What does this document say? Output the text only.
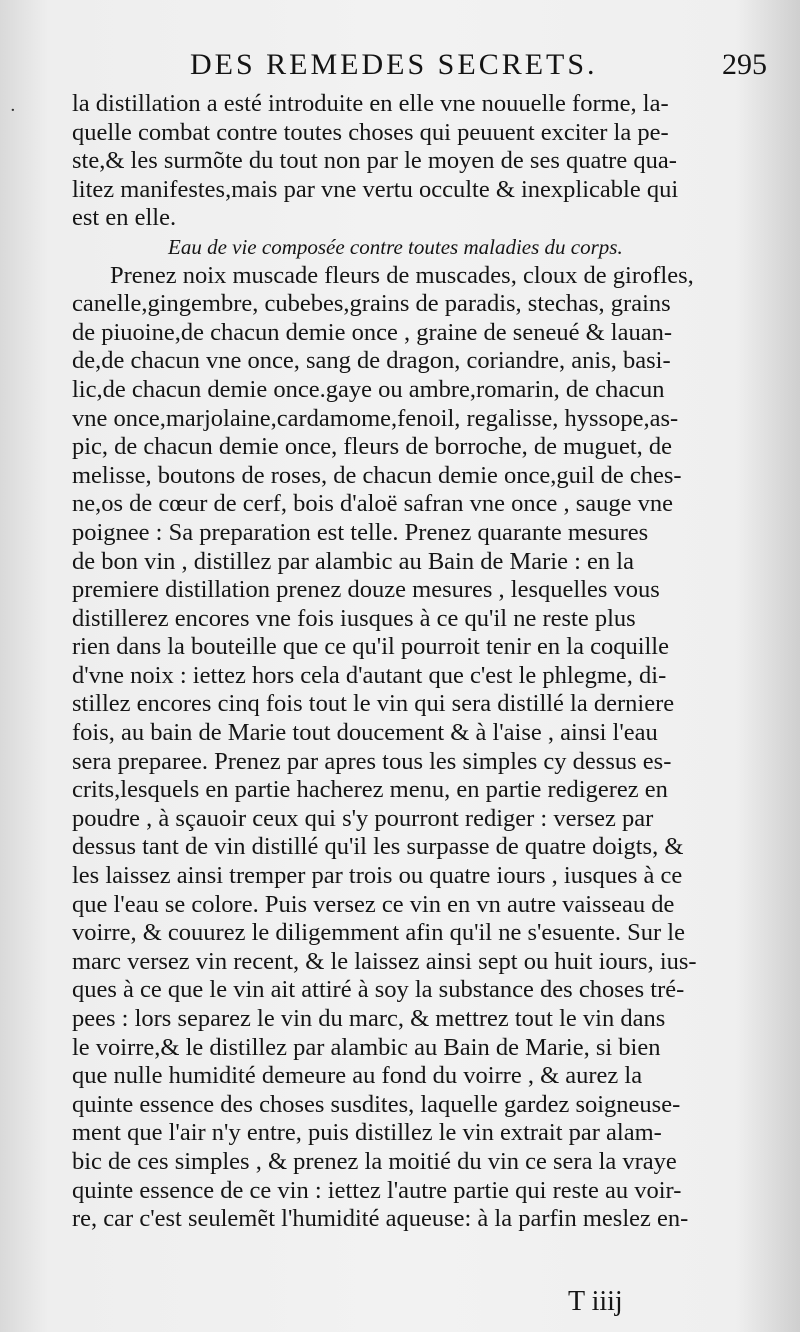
DES REMEDES SECRETS.	295
· la distillation a esté introduite en elle vne nouuelle forme, la-
quelle combat contre toutes choses qui peuuent exciter la pe-
ste,& les surmõte du tout non par le moyen de ses quatre qua-
litez manifestes,mais par vne vertu occulte & inexplicable qui
est en elle.
Eau de vie composée contre toutes maladies du corps.
Prenez noix muscade fleurs de muscades, cloux de girofles,
canelle,gingembre, cubebes,grains de paradis, stechas, grains
de piuoine,de chacun demie once , graine de seneué & lauan-
de,de chacun vne once, sang de dragon, coriandre, anis, basi-
lic,de chacun demie once.gaye ou ambre,romarin, de chacun
vne once,marjolaine,cardamome,fenoil, regalisse, hyssope,as-
pic, de chacun demie once, fleurs de borroche, de muguet, de
melisse, boutons de roses, de chacun demie once,guil de ches-
ne,os de cœur de cerf, bois d'aloë safran vne once , sauge vne
poignee : Sa preparation est telle. Prenez quarante mesures
de bon vin , distillez par alambic au Bain de Marie : en la
premiere distillation prenez douze mesures , lesquelles vous
distillerez encores vne fois iusques à ce qu'il ne reste plus
rien dans la bouteille que ce qu'il pourroit tenir en la coquille
d'vne noix : iettez hors cela d'autant que c'est le phlegme, di-
stillez encores cinq fois tout le vin qui sera distillé la derniere
fois, au bain de Marie tout doucement & à l'aise , ainsi l'eau
sera preparee. Prenez par apres tous les simples cy dessus es-
crits,lesquels en partie hacherez menu, en partie redigerez en
poudre , à sçauoir ceux qui s'y pourront rediger : versez par
dessus tant de vin distillé qu'il les surpasse de quatre doigts, &
les laissez ainsi tremper par trois ou quatre iours , iusques à ce
que l'eau se colore. Puis versez ce vin en vn autre vaisseau de
voirre, & couurez le diligemment afin qu'il ne s'esuente. Sur le
marc versez vin recent, & le laissez ainsi sept ou huit iours, ius-
ques à ce que le vin ait attiré à soy la substance des choses tré-
pees : lors separez le vin du marc, & mettrez tout le vin dans
le voirre,& le distillez par alambic au Bain de Marie, si bien
que nulle humidité demeure au fond du voirre , & aurez la
quinte essence des choses susdites, laquelle gardez soigneuse-
ment que l'air n'y entre, puis distillez le vin extrait par alam-
bic de ces simples , & prenez la moitié du vin ce sera la vraye
quinte essence de ce vin : iettez l'autre partie qui reste au voir-
re, car c'est seulemẽt l'humidité aqueuse: à la parfin meslez en-
T iiij
